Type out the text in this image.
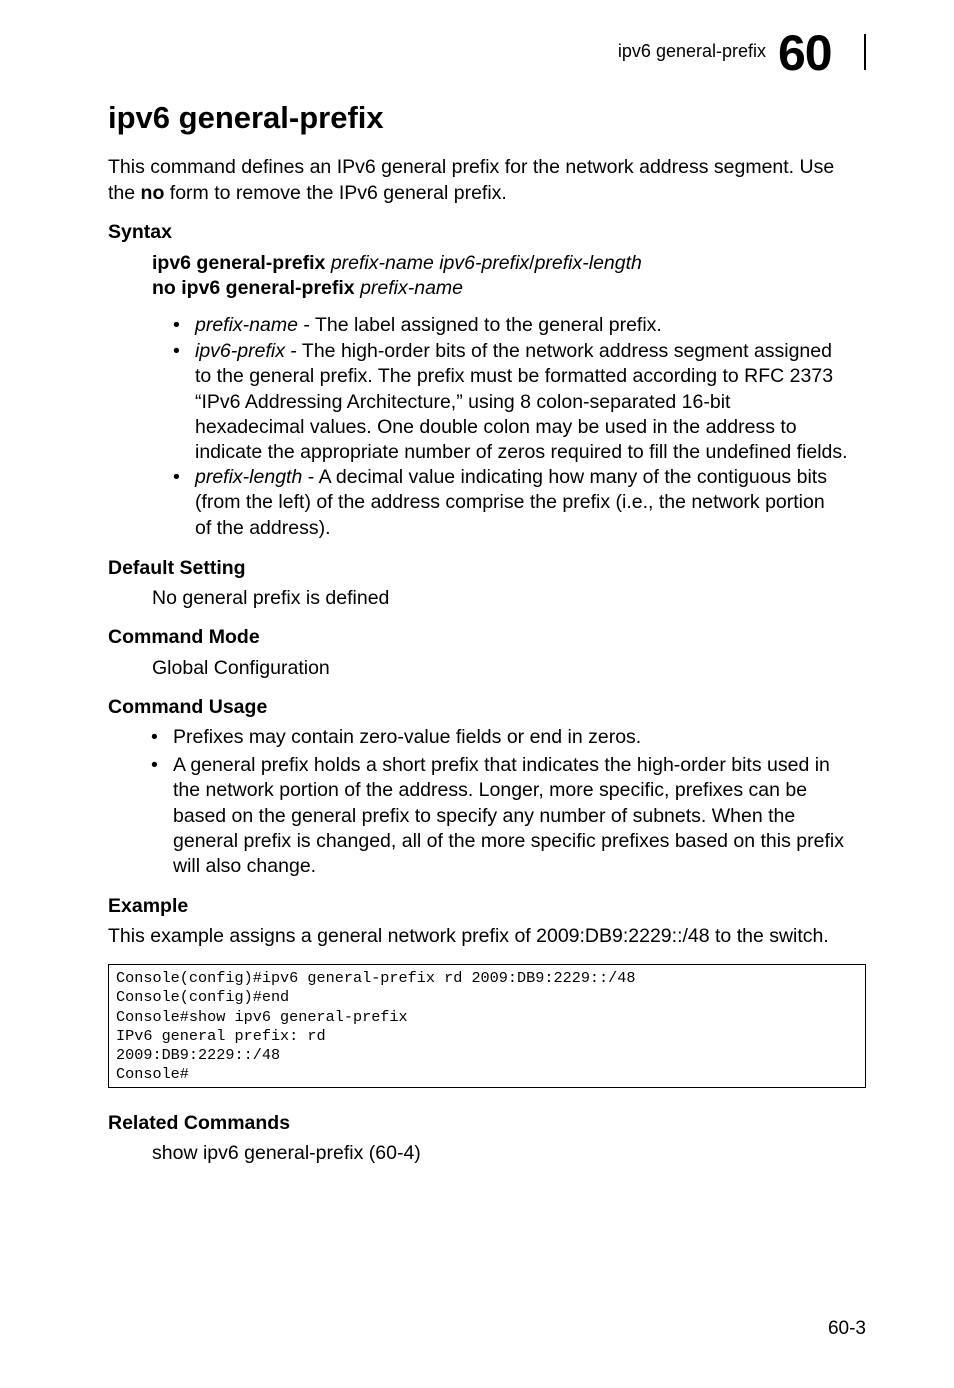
ipv6 general-prefix 60
ipv6 general-prefix

This command defines an IPv6 general prefix for the network address segment. Use
the no form to remove the IPv6 general prefix.

Syntax

ipv6 general-prefix prefix-name ipv6-prefix/prefix-length

no ipv6 general-prefix prefix-name

• prefix-name - The label assigned to the general prefix.
• ipv6-prefix - The high-order bits of the network address segment assigned
to the general prefix. The prefix must be formatted according to RFC 2373
“IPv6 Addressing Architecture,” using 8 colon-separated 16-bit
hexadecimal values. One double colon may be used in the address to
indicate the appropriate number of zeros required to fill the undefined fields.
• prefix-length - A decimal value indicating how many of the contiguous bits
(from the left) of the address comprise the prefix (i.e., the network portion
of the address).

Default Setting

No general prefix is defined

Command Mode

Global Configuration

Command Usage

• Prefixes may contain zero-value fields or end in zeros.
• A general prefix holds a short prefix that indicates the high-order bits used in
the network portion of the address. Longer, more specific, prefixes can be
based on the general prefix to specify any number of subnets. When the
general prefix is changed, all of the more specific prefixes based on this prefix
will also change.

Example

This example assigns a general network prefix of 2009:DB9:2229::/48 to the switch.

Console(config)#ipv6 general-prefix rd 2009:DB9:2229::/48
Console(config)#end
Console#show ipv6 general-prefix
IPv6 general prefix: rd
2009:DB9:2229::/48
Console#

Related Commands

show ipv6 general-prefix (60-4)

60-3
